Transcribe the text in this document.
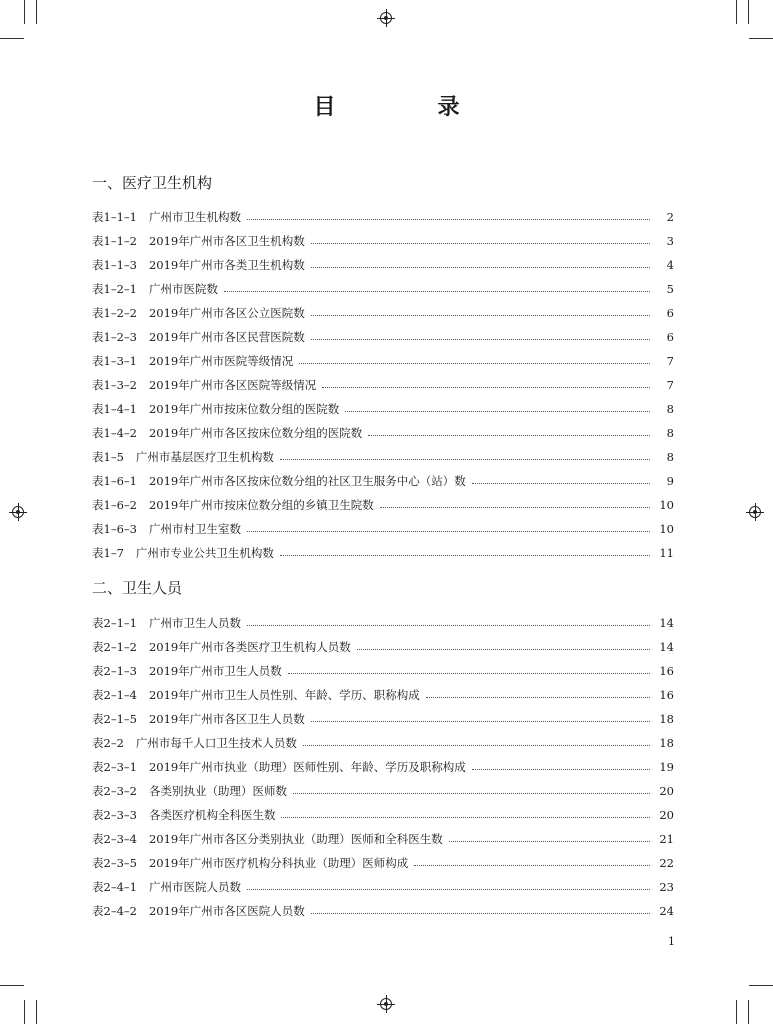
目　录
一、医疗卫生机构
表1–1–1 广州市卫生机构数	2
表1–1–2 2019年广州市各区卫生机构数	3
表1–1–3 2019年广州市各类卫生机构数	4
表1–2–1 广州市医院数	5
表1–2–2 2019年广州市各区公立医院数	6
表1–2–3 2019年广州市各区民营医院数	6
表1–3–1 2019年广州市医院等级情况	7
表1–3–2 2019年广州市各区医院等级情况	7
表1–4–1 2019年广州市按床位数分组的医院数	8
表1–4–2 2019年广州市各区按床位数分组的医院数	8
表1–5 广州市基层医疗卫生机构数	8
表1–6–1 2019年广州市各区按床位数分组的社区卫生服务中心（站）数	9
表1–6–2 2019年广州市按床位数分组的乡镇卫生院数	10
表1–6–3 广州市村卫生室数	10
表1–7 广州市专业公共卫生机构数	11
二、卫生人员
表2–1–1 广州市卫生人员数	14
表2–1–2 2019年广州市各类医疗卫生机构人员数	14
表2–1–3 2019年广州市卫生人员数	16
表2–1–4 2019年广州市卫生人员性别、年龄、学历、职称构成	16
表2–1–5 2019年广州市各区卫生人员数	18
表2–2 广州市每千人口卫生技术人员数	18
表2–3–1 2019年广州市执业（助理）医师性别、年龄、学历及职称构成	19
表2–3–2 各类别执业（助理）医师数	20
表2–3–3 各类医疗机构全科医生数	20
表2–3–4 2019年广州市各区分类别执业（助理）医师和全科医生数	21
表2–3–5 2019年广州市医疗机构分科执业（助理）医师构成	22
表2–4–1 广州市医院人员数	23
表2–4–2 2019年广州市各区医院人员数	24
1
